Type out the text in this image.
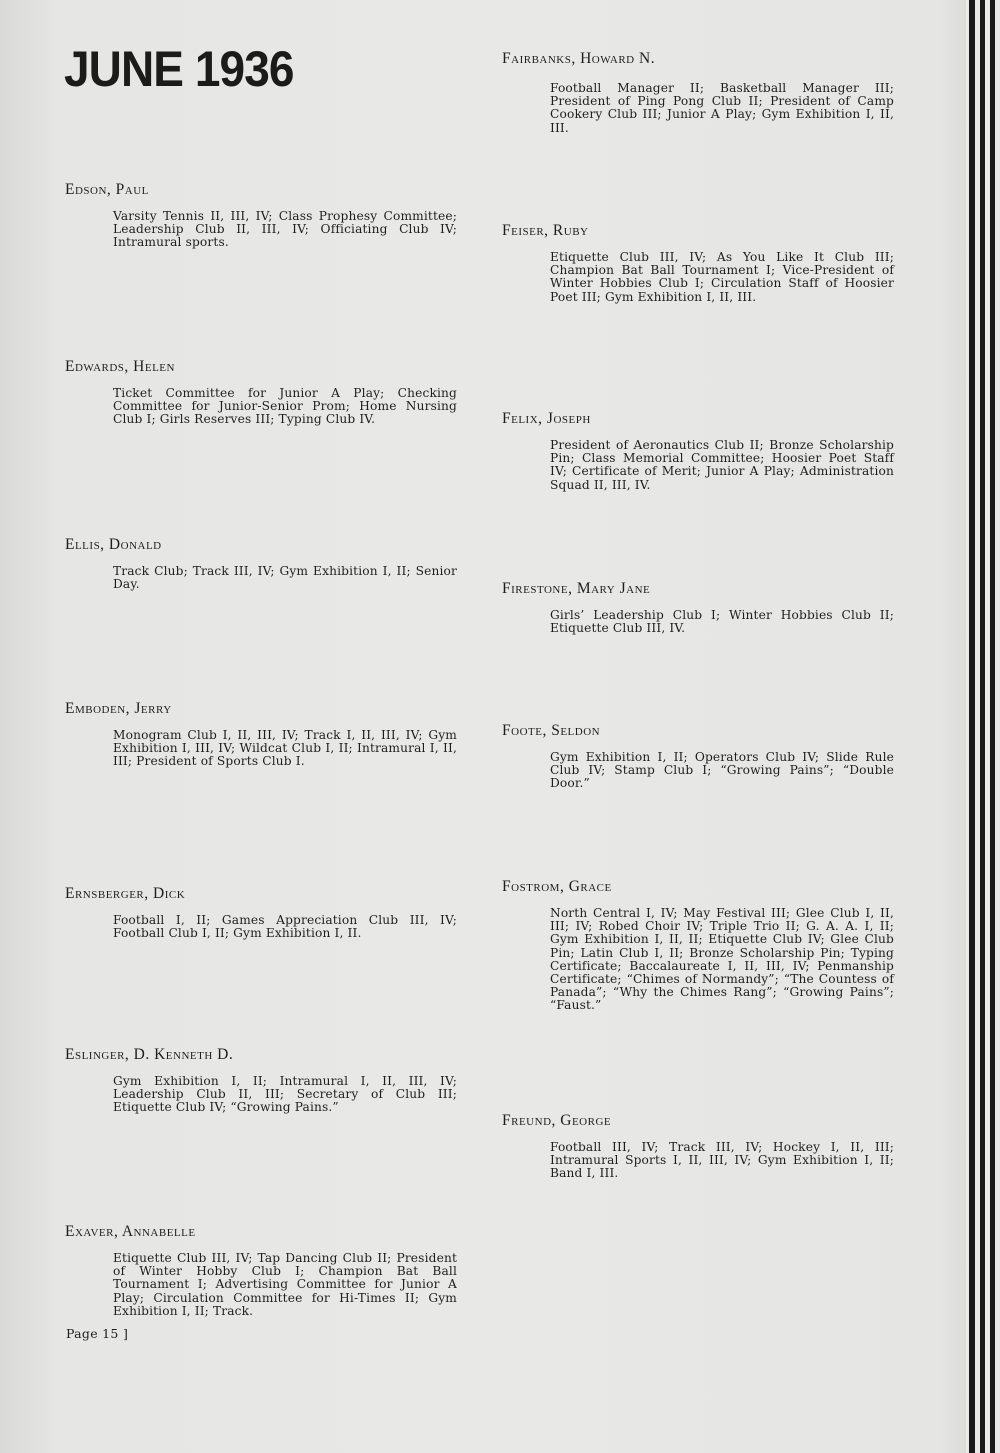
JUNE 1936
Edson, Paul

Varsity Tennis II, III, IV; Class Prophesy Committee; Leadership Club II, III, IV; Officiating Club IV; Intramural sports.

Edwards, Helen

Ticket Committee for Junior A Play; Checking Committee for Junior-Senior Prom; Home Nursing Club I; Girls Reserves III; Typing Club IV.

Ellis, Donald

Track Club; Track III, IV; Gym Exhibition I, II; Senior Day.

Emboden, Jerry

Monogram Club I, II, III, IV; Track I, II, III, IV; Gym Exhibition I, III, IV; Wildcat Club I, II; Intramural I, II, III; President of Sports Club I.

Ernsberger, Dick

Football I, II; Games Appreciation Club III, IV; Football Club I, II; Gym Exhibition I, II.

Eslinger, D. Kenneth D.

Gym Exhibition I, II; Intramural I, II, III, IV; Leadership Club II, III; Secretary of Club III; Etiquette Club IV; “Growing Pains.”

Exaver, Annabelle

Etiquette Club III, IV; Tap Dancing Club II; President of Winter Hobby Club I; Champion Bat Ball Tournament I; Advertising Committee for Junior A Play; Circulation Committee for Hi-Times II; Gym Exhibition I, II; Track.

Fairbanks, Howard N.

Football Manager II; Basketball Manager III; President of Ping Pong Club II; President of Camp Cookery Club III; Junior A Play; Gym Exhibition I, II, III.

Feiser, Ruby

Etiquette Club III, IV; As You Like It Club III; Champion Bat Ball Tournament I; Vice-President of Winter Hobbies Club I; Circulation Staff of Hoosier Poet III; Gym Exhibition I, II, III.

Felix, Joseph

President of Aeronautics Club II; Bronze Scholarship Pin; Class Memorial Committee; Hoosier Poet Staff IV; Certificate of Merit; Junior A Play; Administration Squad II, III, IV.

Firestone, Mary Jane

Girls’ Leadership Club I; Winter Hobbies Club II; Etiquette Club III, IV.

Foote, Seldon

Gym Exhibition I, II; Operators Club IV; Slide Rule Club IV; Stamp Club I; “Growing Pains”; “Double Door.”

Fostrom, Grace

North Central I, IV; May Festival III; Glee Club I, II, III; IV; Robed Choir IV; Triple Trio II; G. A. A. I, II; Gym Exhibition I, II, II; Etiquette Club IV; Glee Club Pin; Latin Club I, II; Bronze Scholarship Pin; Typing Certificate; Baccalaureate I, II, III, IV; Penmanship Certificate; “Chimes of Normandy”; “The Countess of Panada”; “Why the Chimes Rang”; “Growing Pains”; “Faust.”

Freund, George

Football III, IV; Track III, IV; Hockey I, II, III; Intramural Sports I, II, III, IV; Gym Exhibition I, II; Band I, III.

Page 15 ]
